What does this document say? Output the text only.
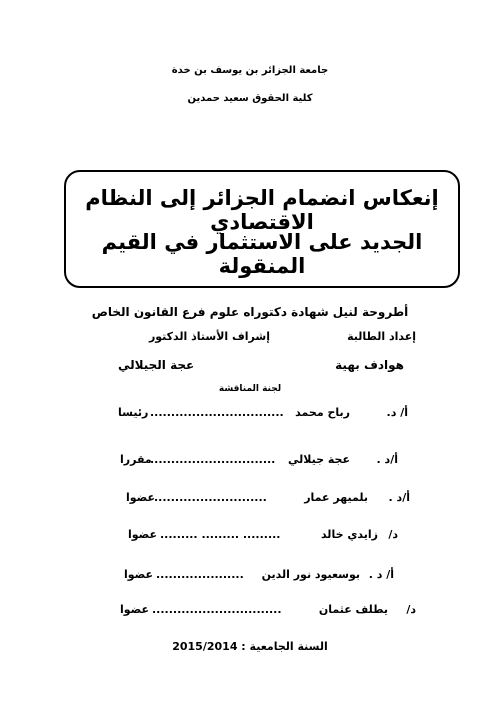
جامعة الجزائر بن يوسف بن خدة
كلية الحقوق سعيد حمدين
إنعكاس انضمام الجزائر إلى النظام الاقتصادي
الجديد على الاستثمار في القيم المنقولة
أطروحة لنيل شهادة دكتوراه علوم فرع القانون الخاص
إعداد الطالبة
إشراف الأستاذ الدكتور
هوادف بهية
عجة الجيلالي
لجنة المناقشة
أ/ د.
رباح محمد
................................
رئيسا
أ/د .
عجة جيلالي
..............................
مقررا
أ/د .
بلميهر عمار
...........................
عضوا
د/
زايدي خالد
......... ......... .........
عضوا
أ/ د .
بوسعيود نور الدين
.....................
عضوا
د/
يطلف عثمان
...............................
عضوا
السنة الجامعية : 2015/2014
